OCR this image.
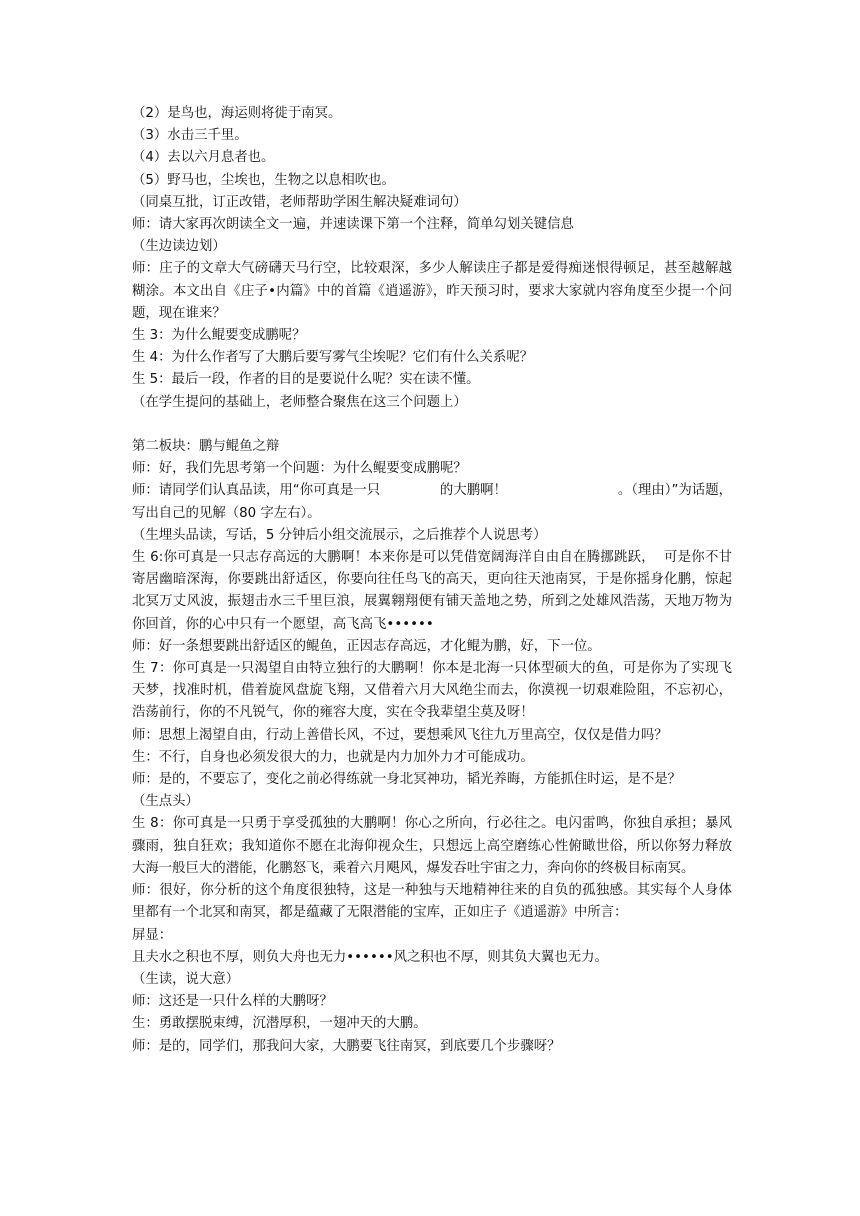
（2）是鸟也，海运则将徙于南冥。

（3）水击三千里。

（4）去以六月息者也。

（5）野马也，尘埃也，生物之以息相吹也。

（同桌互批，订正改错，老师帮助学困生解决疑难词句）

师：请大家再次朗读全文一遍，并速读课下第一个注释，简单勾划关键信息

（生边读边划）

师：庄子的文章大气磅礴天马行空，比较艰深，多少人解读庄子都是爱得痴迷恨得顿足，甚至越解越糊涂。本文出自《庄子•内篇》中的首篇《逍遥游》，昨天预习时，要求大家就内容角度至少提一个问题，现在谁来？

生 3：为什么鲲要变成鹏呢？

生 4：为什么作者写了大鹏后要写雾气尘埃呢？它们有什么关系呢？

生 5：最后一段，作者的目的是要说什么呢？实在读不懂。

（在学生提问的基础上，老师整合聚焦在这三个问题上）

第二板块：鹏与鲲鱼之辩

师：好，我们先思考第一个问题：为什么鲲要变成鹏呢？

师：请同学们认真品读，用“你可真是一只              的大鹏啊！                          。（理由）”为话题，写出自己的见解（80 字左右）。

（生埋头品读，写话，5 分钟后小组交流展示，之后推荐个人说思考）

生 6:你可真是一只志存高远的大鹏啊！本来你是可以凭借宽阔海洋自由自在腾挪跳跃，  可是你不甘寄居幽暗深海，你要跳出舒适区，你要向往任鸟飞的高天，更向往天池南冥，于是你摇身化鹏，惊起北冥万丈风波，振翅击水三千里巨浪，展翼翱翔便有铺天盖地之势，所到之处雄风浩荡，天地万物为你回首，你的心中只有一个愿望，高飞高飞••••••

师：好一条想要跳出舒适区的鲲鱼，正因志存高远，才化鲲为鹏，好，下一位。

生 7：你可真是一只渴望自由特立独行的大鹏啊！你本是北海一只体型硕大的鱼，可是你为了实现飞天梦，找准时机，借着旋风盘旋飞翔，又借着六月大风绝尘而去，你漠视一切艰难险阻，不忘初心，浩荡前行，你的不凡锐气，你的雍容大度，实在令我辈望尘莫及呀！

师：思想上渴望自由，行动上善借长风，不过，要想乘风飞往九万里高空，仅仅是借力吗？

生：不行，自身也必须发很大的力，也就是内力加外力才可能成功。

师：是的，不要忘了，变化之前必得练就一身北冥神功，韬光养晦，方能抓住时运，是不是？

（生点头）

生 8：你可真是一只勇于享受孤独的大鹏啊！你心之所向，行必往之。电闪雷鸣，你独自承担；暴风骤雨，独自狂欢；我知道你不愿在北海仰视众生，只想远上高空磨练心性俯瞰世俗，所以你努力释放大海一般巨大的潜能，化鹏怒飞，乘着六月飓风，爆发吞吐宇宙之力，奔向你的终极目标南冥。

师：很好，你分析的这个角度很独特，这是一种独与天地精神往来的自负的孤独感。其实每个人身体里都有一个北冥和南冥，都是蕴藏了无限潜能的宝库，正如庄子《逍遥游》中所言：

屏显：

且夫水之积也不厚，则负大舟也无力••••••风之积也不厚，则其负大翼也无力。

（生读，说大意）

师：这还是一只什么样的大鹏呀？

生：勇敢摆脱束缚，沉潜厚积，一翅冲天的大鹏。

师：是的，同学们，那我问大家，大鹏要飞往南冥，到底要几个步骤呀？
